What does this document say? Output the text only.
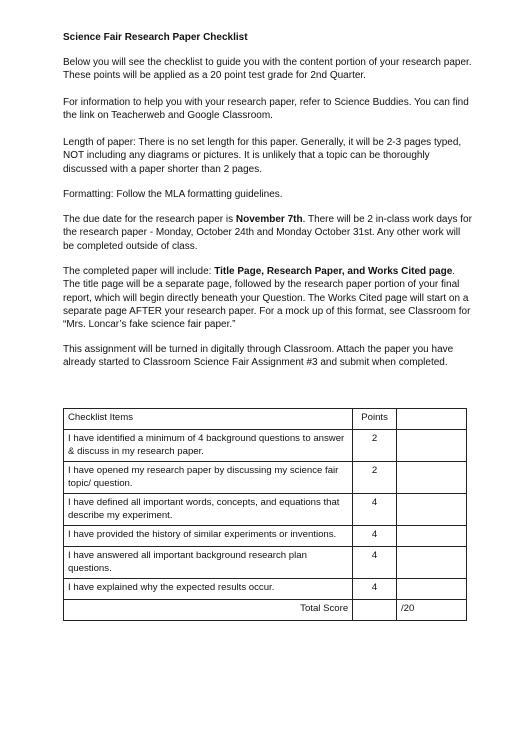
Science Fair Research Paper Checklist
Below you will see the checklist to guide you with the content portion of your research paper. These points will be applied as a 20 point test grade for 2nd Quarter.
For information to help you with your research paper, refer to Science Buddies. You can find the link on Teacherweb and Google Classroom.
Length of paper: There is no set length for this paper. Generally, it will be 2-3 pages typed, NOT including any diagrams or pictures. It is unlikely that a topic can be thoroughly discussed with a paper shorter than 2 pages.
Formatting: Follow the MLA formatting guidelines.
The due date for the research paper is November 7th. There will be 2 in-class work days for the research paper - Monday, October 24th and Monday October 31st. Any other work will be completed outside of class.
The completed paper will include: Title Page, Research Paper, and Works Cited page. The title page will be a separate page, followed by the research paper portion of your final report, which will begin directly beneath your Question. The Works Cited page will start on a separate page AFTER your research paper. For a mock up of this format, see Classroom for “Mrs. Loncar’s fake science fair paper.”
This assignment will be turned in digitally through Classroom. Attach the paper you have already started to Classroom Science Fair Assignment #3 and submit when completed.
Checklist Items	Points	
I have identified a minimum of 4 background questions to answer & discuss in my research paper.	2	
I have opened my research paper by discussing my science fair topic/ question.	2	
I have defined all important words, concepts, and equations that describe my experiment.	4	
I have provided the history of similar experiments or inventions.	4	
I have answered all important background research plan questions.	4	
I have explained why the expected results occur.	4	
Total Score		/20
